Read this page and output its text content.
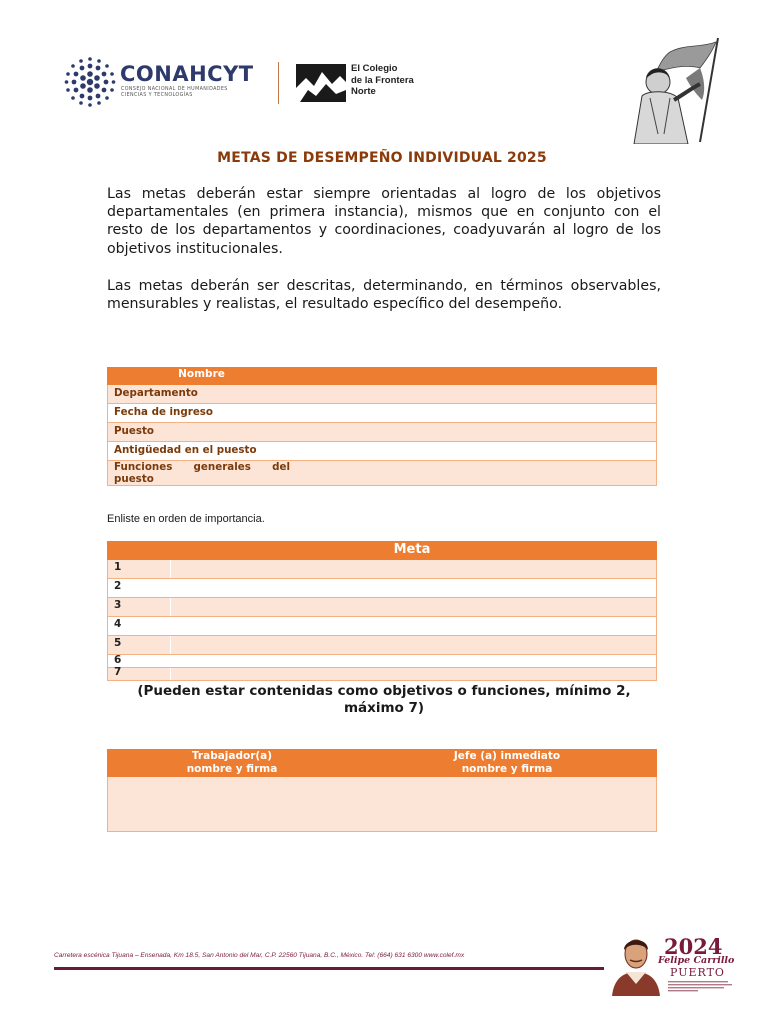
CONAHCYT
CONSEJO NACIONAL DE HUMANIDADES
CIENCIAS Y TECNOLOGÍAS
El Colegio
de la Frontera
Norte
METAS DE DESEMPEÑO INDIVIDUAL 2025
Las metas deberán estar siempre orientadas al logro de los objetivos departamentales (en primera instancia), mismos que en conjunto con el resto de los departamentos y coordinaciones, coadyuvarán al logro de los objetivos institucionales.
Las metas deberán ser descritas, determinando, en términos observables, mensurables y realistas, el resultado específico del desempeño.
Nombre
Departamento
Fecha de ingreso
Puesto
Antigüedad en el puesto
Funciones generales del puesto
Enliste en orden de importancia.
Meta
1
2
3
4
5
6
7
(Pueden estar contenidas como objetivos o funciones, mínimo 2, máximo 7)
Trabajador(a)
nombre y firma
Jefe (a) inmediato
nombre y firma
Carretera escénica Tijuana – Ensenada, Km 18.5, San Antonio del Mar, C.P. 22560 Tijuana, B.C., México. Tel: (664) 631 6300 www.colef.mx	2024
Felipe Carrillo
PUERTO
